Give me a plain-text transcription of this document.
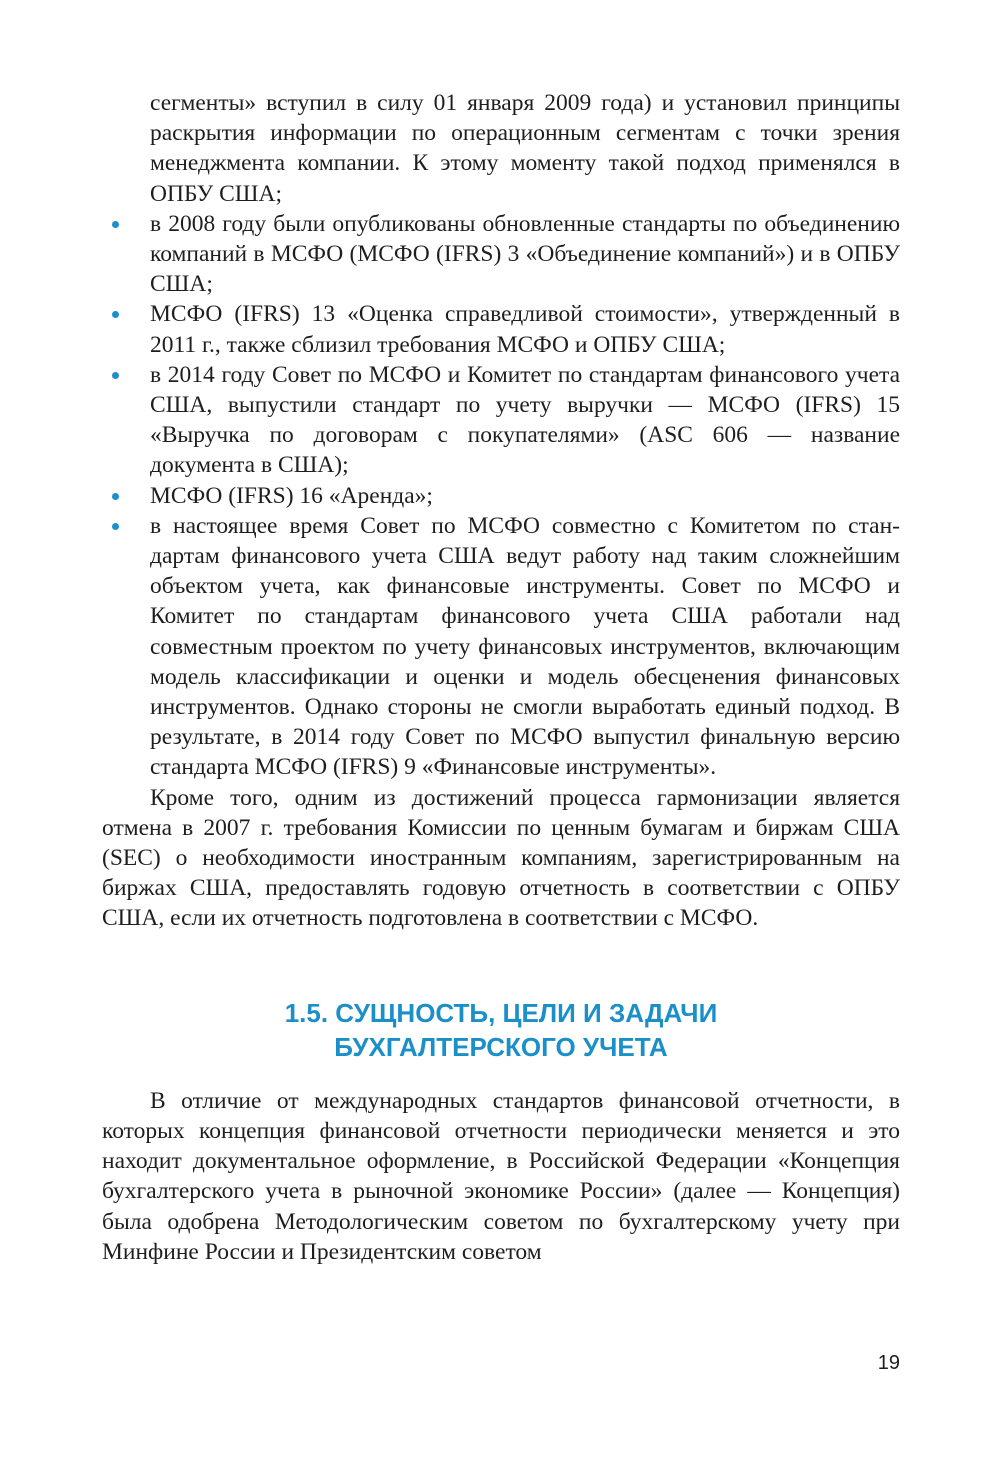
сегменты» вступил в силу 01 января 2009 года) и установил принципы раскрытия информации по операционным сегментам с точки зрения менеджмента компании. К этому моменту такой подход применялся в ОПБУ США;

в 2008 году были опубликованы обновленные стандарты по объединению компаний в МСФО (МСФО (IFRS) 3 «Объединение компаний») и в ОПБУ США;

МСФО (IFRS) 13 «Оценка справедливой стоимости», утвержденный в 2011 г., также сблизил требования МСФО и ОПБУ США;

в 2014 году Совет по МСФО и Комитет по стандартам финансового учета США, выпустили стандарт по учету выручки — МСФО (IFRS) 15 «Выручка по договорам с покупателями» (ASC 606 — название документа в США);

МСФО (IFRS) 16 «Аренда»;

в настоящее время Совет по МСФО совместно с Комитетом по стандартам финансового учета США ведут работу над таким сложнейшим объектом учета, как финансовые инструменты. Совет по МСФО и Комитет по стандартам финансового учета США работали над совместным проектом по учету финансовых инструментов, включающим модель классификации и оценки и модель обесценения финансовых инструментов. Однако стороны не смогли выработать единый подход. В результате, в 2014 году Совет по МСФО выпустил финальную версию стандарта МСФО (IFRS) 9 «Финансовые инструменты».

Кроме того, одним из достижений процесса гармонизации является отмена в 2007 г. требования Комиссии по ценным бумагам и биржам США (SEC) о необходимости иностранным компаниям, зарегистрированным на биржах США, предоставлять годовую отчетность в соответствии с ОПБУ США, если их отчетность подготовлена в соответствии с МСФО.

1.5. СУЩНОСТЬ, ЦЕЛИ И ЗАДАЧИ
БУХГАЛТЕРСКОГО УЧЕТА

В отличие от международных стандартов финансовой отчетности, в которых концепция финансовой отчетности периодически меняется и это находит документальное оформление, в Российской Федерации «Концепция бухгалтерского учета в рыночной экономике России» (далее — Концепция) была одобрена Методологическим советом по бухгалтерскому учету при Минфине России и Президентским советом

19
